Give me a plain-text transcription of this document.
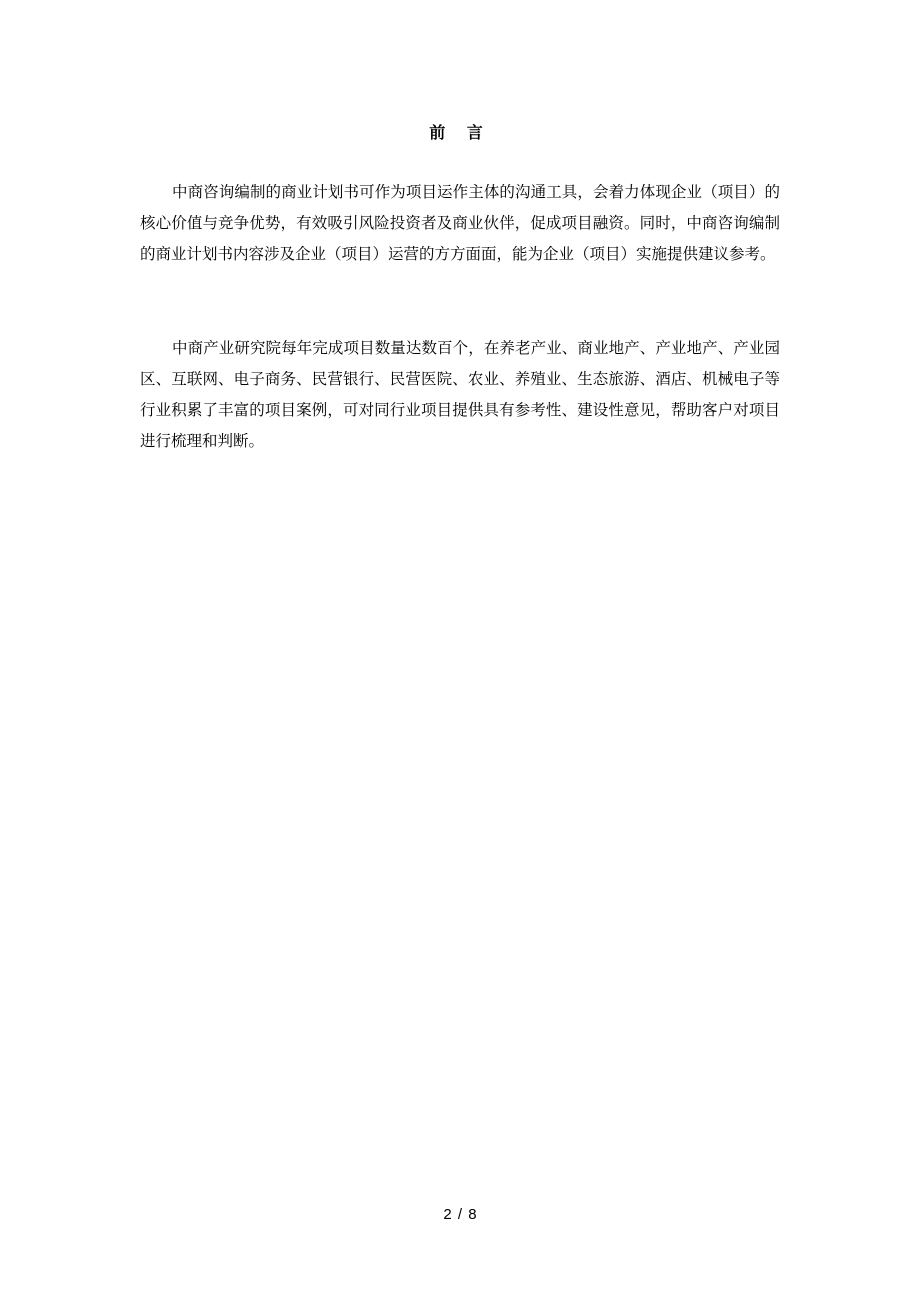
前 言

中商咨询编制的商业计划书可作为项目运作主体的沟通工具，会着力体现企业（项目）的核心价值与竞争优势，有效吸引风险投资者及商业伙伴，促成项目融资。同时，中商咨询编制的商业计划书内容涉及企业（项目）运营的方方面面，能为企业（项目）实施提供建议参考。

中商产业研究院每年完成项目数量达数百个，在养老产业、商业地产、产业地产、产业园区、互联网、电子商务、民营银行、民营医院、农业、养殖业、生态旅游、酒店、机械电子等行业积累了丰富的项目案例，可对同行业项目提供具有参考性、建设性意见，帮助客户对项目进行梳理和判断。

2 / 8
